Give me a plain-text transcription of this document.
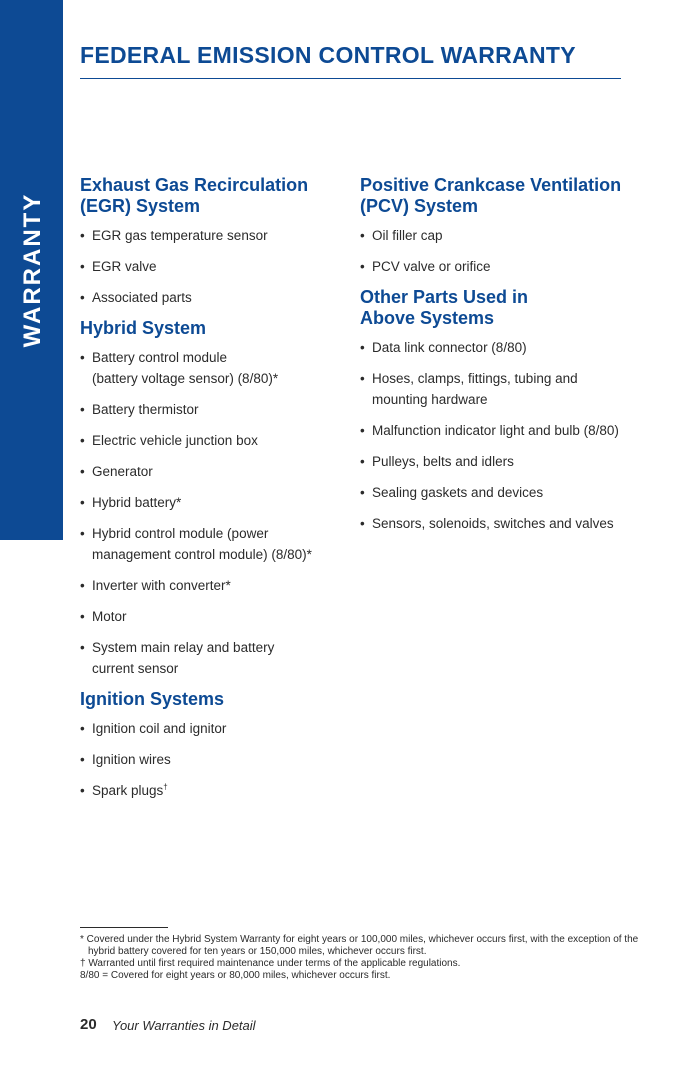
WARRANTY
FEDERAL EMISSION CONTROL WARRANTY
Exhaust Gas Recirculation
(EGR) System
• EGR gas temperature sensor
• EGR valve
• Associated parts
Hybrid System
• Battery control module
(battery voltage sensor) (8/80)*
• Battery thermistor
• Electric vehicle junction box
• Generator
• Hybrid battery*
• Hybrid control module (power
management control module) (8/80)*
• Inverter with converter*
• Motor
• System main relay and battery
current sensor
Ignition Systems
• Ignition coil and ignitor
• Ignition wires
• Spark plugs†
Positive Crankcase Ventilation
(PCV) System
• Oil filler cap
• PCV valve or orifice
Other Parts Used in
Above Systems
• Data link connector (8/80)
• Hoses, clamps, fittings, tubing and
mounting hardware
• Malfunction indicator light and bulb (8/80)
• Pulleys, belts and idlers
• Sealing gaskets and devices
• Sensors, solenoids, switches and valves

* Covered under the Hybrid System Warranty for eight years or 100,000 miles, whichever occurs first, with the exception of the hybrid battery covered for ten years or 150,000 miles, whichever occurs first.

† Warranted until first required maintenance under terms of the applicable regulations.

8/80 = Covered for eight years or 80,000 miles, whichever occurs first.

20 Your Warranties in Detail
